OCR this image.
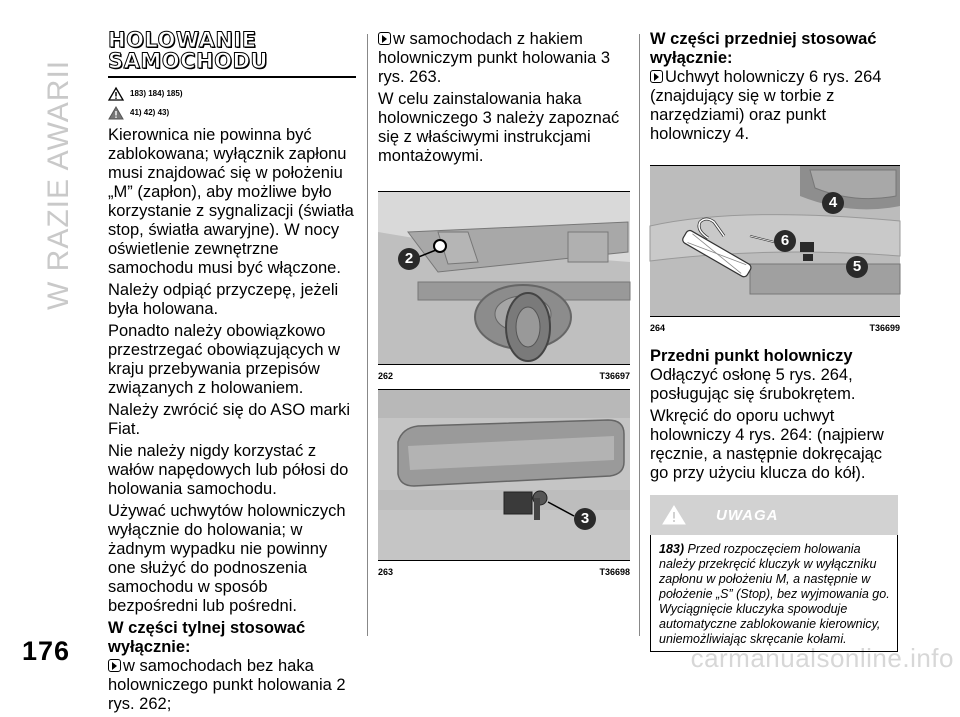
W RAZIE AWARII
176	carmanualsonline.info
HOLOWANIE
SAMOCHODU
183) 184) 185)
41) 42) 43)

Kierownica nie powinna być zablokowana; wyłącznik zapłonu musi znajdować się w położeniu „M” (zapłon), aby możliwe było korzystanie z sygnalizacji (światła stop, światła awaryjne). W nocy oświetlenie zewnętrzne samochodu musi być włączone.

Należy odpiąć przyczepę, jeżeli była holowana.

Ponadto należy obowiązkowo przestrzegać obowiązujących w kraju przebywania przepisów związanych z holowaniem.

Należy zwrócić się do ASO marki Fiat.

Nie należy nigdy korzystać z wałów napędowych lub półosi do holowania samochodu.

Używać uchwytów holowniczych wyłącznie do holowania; w żadnym wypadku nie powinny one służyć do podnoszenia samochodu w sposób bezpośredni lub pośredni.

W części tylnej stosować wyłącznie:

w samochodach bez haka holowniczego punkt holowania 2 rys. 262;

w samochodach z hakiem holowniczym punkt holowania 3 rys. 263.

W celu zainstalowania haka holowniczego 3 należy zapoznać się z właściwymi instrukcjami montażowymi.

2
262	T36697
3
263	T36698
W części przedniej stosować wyłącznie:

Uchwyt holowniczy 6 rys. 264 (znajdujący się w torbie z narzędziami) oraz punkt holowniczy 4.

4
6
5
264	T36699
Przedni punkt holowniczy

Odłączyć osłonę 5 rys. 264, posługując się śrubokrętem.

Wkręcić do oporu uchwyt holowniczy 4 rys. 264: (najpierw ręcznie, a następnie dokręcając go przy użyciu klucza do kół).

UWAGA
183) Przed rozpoczęciem holowania należy przekręcić kluczyk w wyłączniku zapłonu w położeniu M, a następnie w położenie „S” (Stop), bez wyjmowania go. Wyciągnięcie kluczyka spowoduje automatyczne zablokowanie kierownicy, uniemożliwiając skręcanie kołami.
